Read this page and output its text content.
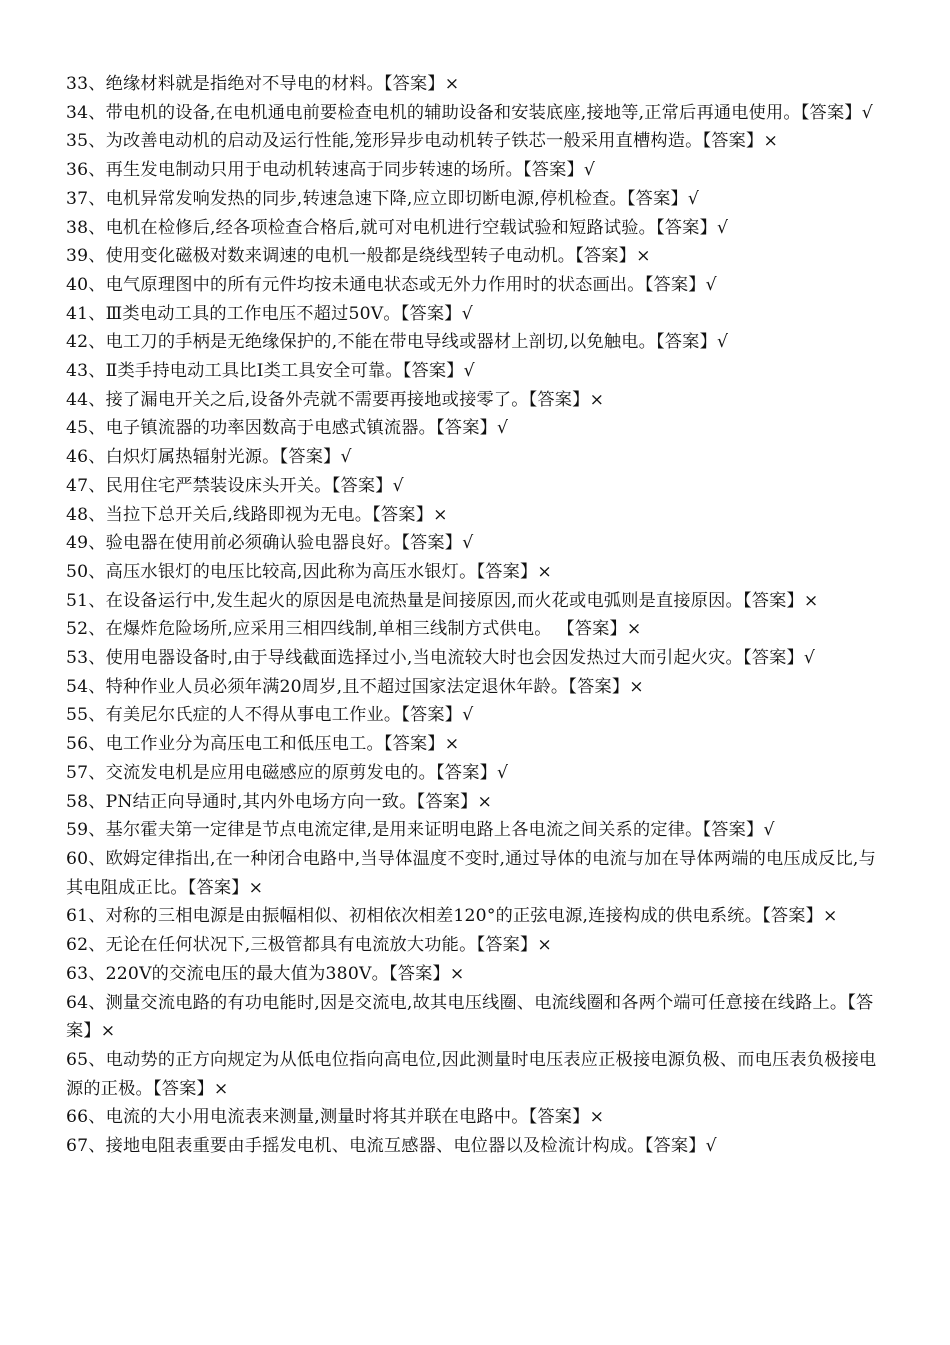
33、绝缘材料就是指绝对不导电的材料。【答案】×
34、带电机的设备,在电机通电前要检查电机的辅助设备和安装底座,接地等,正常后再通电使用。【答案】√
35、为改善电动机的启动及运行性能,笼形异步电动机转子铁芯一般采用直槽构造。【答案】×
36、再生发电制动只用于电动机转速高于同步转速的场所。【答案】√
37、电机异常发响发热的同步,转速急速下降,应立即切断电源,停机检查。【答案】√
38、电机在检修后,经各项检查合格后,就可对电机进行空载试验和短路试验。【答案】√
39、使用变化磁极对数来调速的电机一般都是绕线型转子电动机。【答案】×
40、电气原理图中的所有元件均按未通电状态或无外力作用时的状态画出。【答案】√
41、Ⅲ类电动工具的工作电压不超过50V。【答案】√
42、电工刀的手柄是无绝缘保护的,不能在带电导线或器材上剖切,以免触电。【答案】√
43、Ⅱ类手持电动工具比Ⅰ类工具安全可靠。【答案】√
44、接了漏电开关之后,设备外壳就不需要再接地或接零了。【答案】×
45、电子镇流器的功率因数高于电感式镇流器。【答案】√
46、白炽灯属热辐射光源。【答案】√
47、民用住宅严禁装设床头开关。【答案】√
48、当拉下总开关后,线路即视为无电。【答案】×
49、验电器在使用前必须确认验电器良好。【答案】√
50、高压水银灯的电压比较高,因此称为高压水银灯。【答案】×
51、在设备运行中,发生起火的原因是电流热量是间接原因,而火花或电弧则是直接原因。【答案】×
52、在爆炸危险场所,应采用三相四线制,单相三线制方式供电。 【答案】×
53、使用电器设备时,由于导线截面选择过小,当电流较大时也会因发热过大而引起火灾。【答案】√
54、特种作业人员必须年满20周岁,且不超过国家法定退休年龄。【答案】×
55、有美尼尔氏症的人不得从事电工作业。【答案】√
56、电工作业分为高压电工和低压电工。【答案】×
57、交流发电机是应用电磁感应的原剪发电的。【答案】√
58、PN结正向导通时,其内外电场方向一致。【答案】×
59、基尔霍夫第一定律是节点电流定律,是用来证明电路上各电流之间关系的定律。【答案】√
60、欧姆定律指出,在一种闭合电路中,当导体温度不变时,通过导体的电流与加在导体两端的电压成反比,与其电阻成正比。【答案】×
61、对称的三相电源是由振幅相似、初相依次相差120°的正弦电源,连接构成的供电系统。【答案】×
62、无论在任何状况下,三极管都具有电流放大功能。【答案】×
63、220V的交流电压的最大值为380V。【答案】×
64、测量交流电路的有功电能时,因是交流电,故其电压线圈、电流线圈和各两个端可任意接在线路上。【答案】×
65、电动势的正方向规定为从低电位指向高电位,因此测量时电压表应正极接电源负极、而电压表负极接电源的正极。【答案】×
66、电流的大小用电流表来测量,测量时将其并联在电路中。【答案】×
67、接地电阻表重要由手摇发电机、电流互感器、电位器以及检流计构成。【答案】√
